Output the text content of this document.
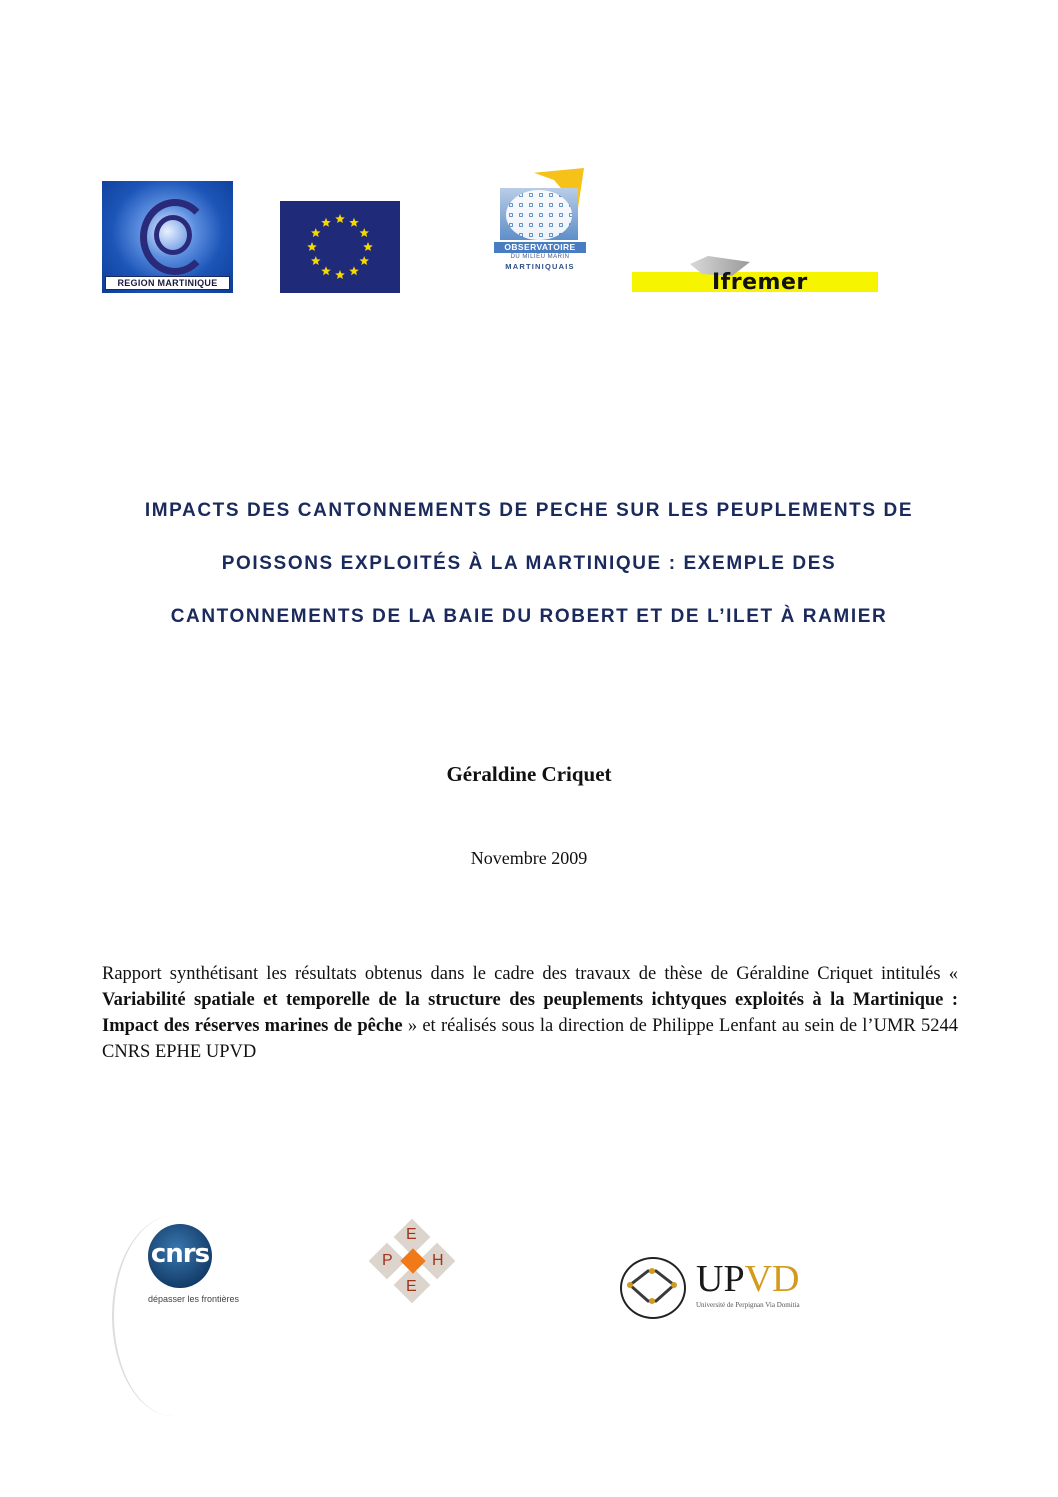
REGION MARTINIQUE
OBSERVATOIRE
DU MILIEU MARIN
MARTINIQUAIS
Ifremer
IMPACTS DES CANTONNEMENTS DE PECHE SUR LES PEUPLEMENTS DE
POISSONS EXPLOITÉS À LA MARTINIQUE : EXEMPLE DES
CANTONNEMENTS DE LA BAIE DU ROBERT ET DE L’ILET À RAMIER
Géraldine Criquet
Novembre 2009
Rapport synthétisant les résultats obtenus dans le cadre des travaux de thèse de Géraldine Criquet intitulés « Variabilité spatiale et temporelle de la structure des peuplements ichtyques exploités à la Martinique : Impact des réserves marines de pêche » et réalisés sous la direction de Philippe Lenfant au sein de l’UMR 5244 CNRS EPHE UPVD
cnrs
dépasser les frontières
E
P H
E	UPVD
Université de Perpignan Via Domitia
